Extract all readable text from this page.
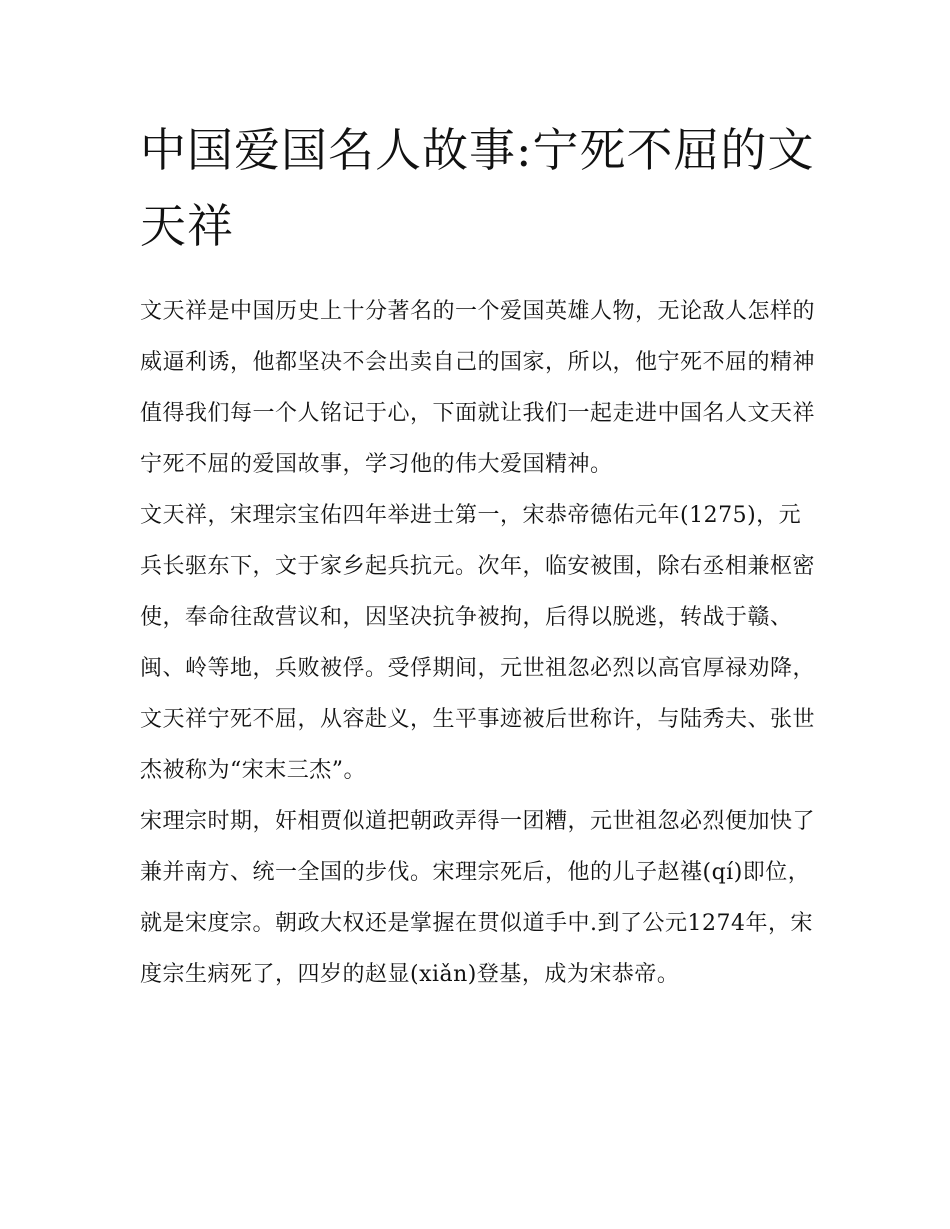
中国爱国名人故事:宁死不屈的文天祥

文天祥是中国历史上十分著名的一个爱国英雄人物，无论敌人怎样的威逼利诱，他都坚决不会出卖自己的国家，所以，他宁死不屈的精神值得我们每一个人铭记于心，下面就让我们一起走进中国名人文天祥宁死不屈的爱国故事，学习他的伟大爱国精神。

文天祥，宋理宗宝佑四年举进士第一，宋恭帝德佑元年(1275)，元兵长驱东下，文于家乡起兵抗元。次年，临安被围，除右丞相兼枢密使，奉命往敌营议和，因坚决抗争被拘，后得以脱逃，转战于赣、闽、岭等地，兵败被俘。受俘期间，元世祖忽必烈以高官厚禄劝降，文天祥宁死不屈，从容赴义，生平事迹被后世称许，与陆秀夫、张世杰被称为“宋末三杰”。

宋理宗时期，奸相贾似道把朝政弄得一团糟，元世祖忽必烈便加快了兼并南方、统一全国的步伐。宋理宗死后，他的儿子赵禥(qí)即位，就是宋度宗。朝政大权还是掌握在贯似道手中.到了公元1274年，宋度宗生病死了，四岁的赵显(xiǎn)登基，成为宋恭帝。
